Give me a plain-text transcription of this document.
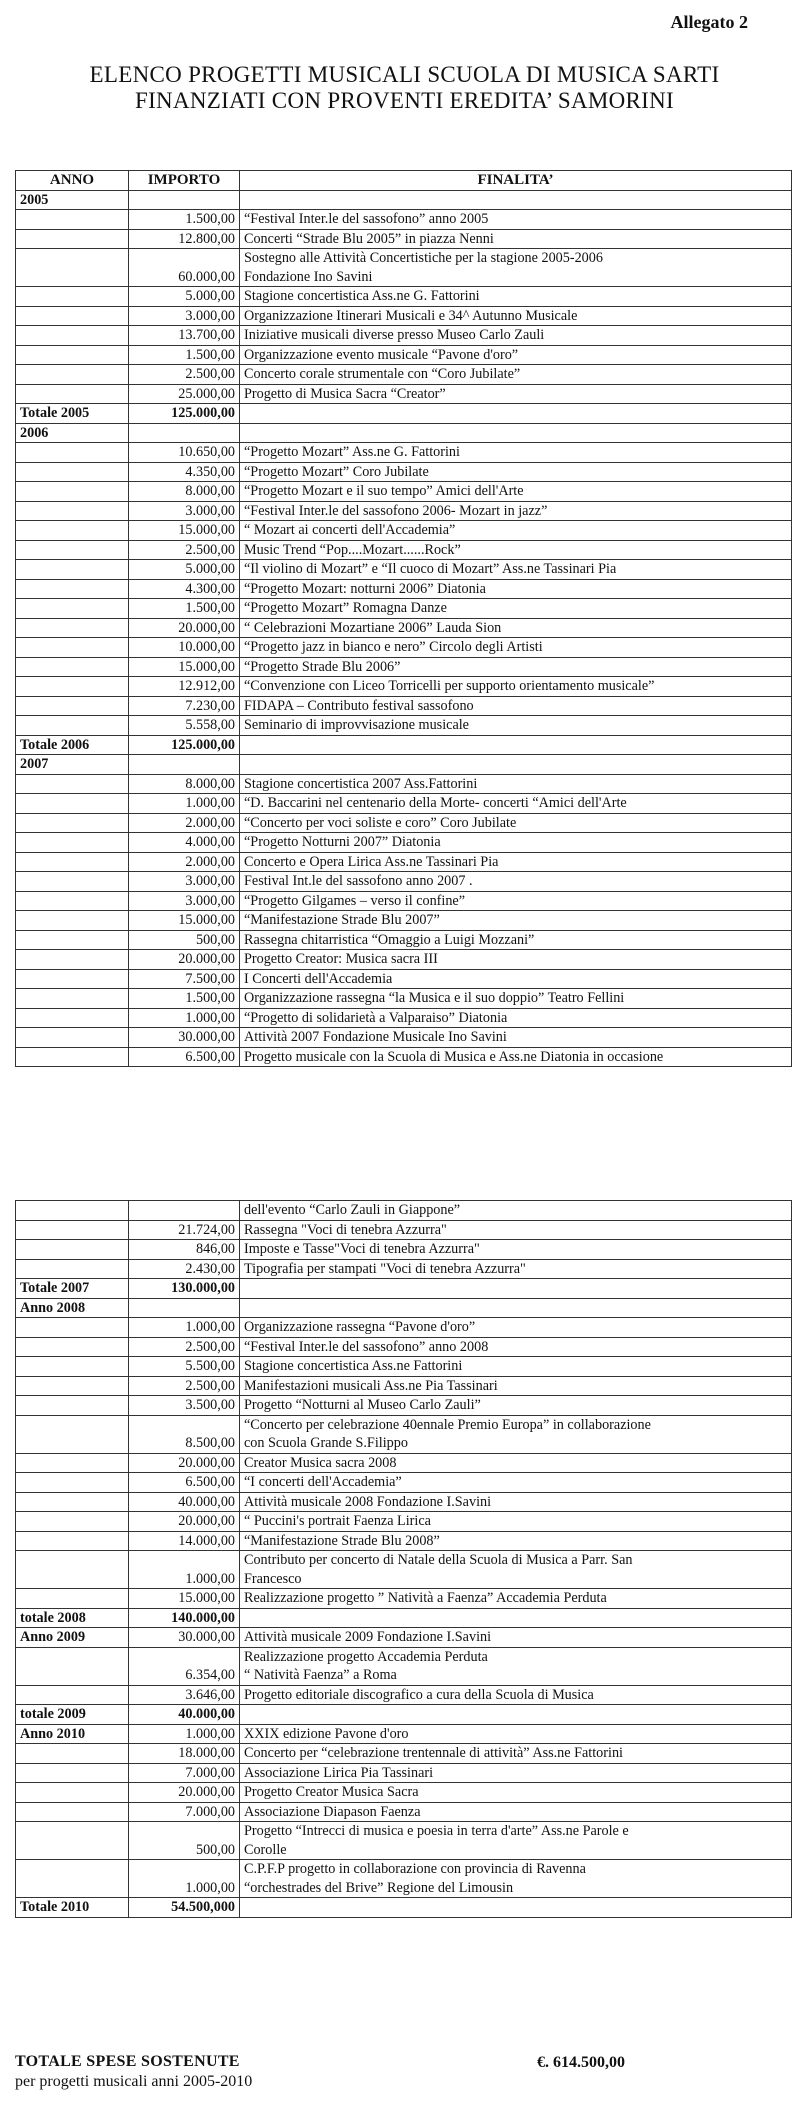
Allegato 2
ELENCO PROGETTI MUSICALI SCUOLA DI MUSICA SARTI
FINANZIATI CON PROVENTI EREDITA’ SAMORINI
ANNO	IMPORTO	FINALITA’
2005		
	1.500,00	“Festival Inter.le del sassofono” anno 2005
	12.800,00	Concerti “Strade Blu 2005” in piazza Nenni
	60.000,00	Sostegno alle Attività Concertistiche per la stagione 2005-2006
Fondazione Ino Savini
	5.000,00	Stagione concertistica Ass.ne G. Fattorini
	3.000,00	Organizzazione Itinerari Musicali e 34^ Autunno Musicale
	13.700,00	Iniziative musicali diverse presso Museo Carlo Zauli
	1.500,00	Organizzazione evento musicale “Pavone d'oro”
	2.500,00	Concerto corale strumentale con “Coro Jubilate”
	25.000,00	Progetto di Musica Sacra “Creator”
Totale 2005	125.000,00	
2006		
	10.650,00	“Progetto Mozart” Ass.ne G. Fattorini
	4.350,00	“Progetto Mozart” Coro Jubilate
	8.000,00	“Progetto Mozart e il suo tempo” Amici dell'Arte
	3.000,00	“Festival Inter.le del sassofono 2006- Mozart in jazz”
	15.000,00	“ Mozart ai concerti dell'Accademia”
	2.500,00	Music Trend “Pop....Mozart......Rock”
	5.000,00	“Il violino di Mozart” e “Il cuoco di Mozart” Ass.ne Tassinari Pia
	4.300,00	“Progetto Mozart: notturni 2006” Diatonia
	1.500,00	“Progetto Mozart” Romagna Danze
	20.000,00	“ Celebrazioni Mozartiane 2006” Lauda Sion
	10.000,00	“Progetto jazz in bianco e nero” Circolo degli Artisti
	15.000,00	“Progetto Strade Blu 2006”
	12.912,00	“Convenzione con Liceo Torricelli per supporto orientamento musicale”
	7.230,00	FIDAPA – Contributo festival sassofono
	5.558,00	Seminario di improvvisazione musicale
Totale 2006	125.000,00	
2007		
	8.000,00	Stagione concertistica 2007 Ass.Fattorini
	1.000,00	“D. Baccarini nel centenario della Morte- concerti “Amici dell'Arte
	2.000,00	“Concerto per voci soliste e coro” Coro Jubilate
	4.000,00	“Progetto Notturni 2007” Diatonia
	2.000,00	Concerto e Opera Lirica Ass.ne Tassinari Pia
	3.000,00	Festival Int.le del sassofono anno 2007 .
	3.000,00	“Progetto Gilgames – verso il confine”
	15.000,00	“Manifestazione Strade Blu 2007”
	500,00	Rassegna chitarristica “Omaggio a Luigi Mozzani”
	20.000,00	Progetto Creator: Musica sacra III
	7.500,00	I Concerti dell'Accademia
	1.500,00	Organizzazione rassegna “la Musica e il suo doppio” Teatro Fellini
	1.000,00	“Progetto di solidarietà a Valparaiso” Diatonia
	30.000,00	Attività 2007 Fondazione Musicale Ino Savini
	6.500,00	Progetto musicale con la Scuola di Musica e Ass.ne Diatonia in occasione
		dell'evento “Carlo Zauli in Giappone”
	21.724,00	Rassegna "Voci di tenebra Azzurra"
	846,00	Imposte e Tasse"Voci di tenebra Azzurra"
	2.430,00	Tipografia per stampati "Voci di tenebra Azzurra"
Totale 2007	130.000,00	
Anno 2008		
	1.000,00	Organizzazione rassegna “Pavone d'oro”
	2.500,00	“Festival Inter.le del sassofono” anno 2008
	5.500,00	Stagione concertistica Ass.ne Fattorini
	2.500,00	Manifestazioni musicali Ass.ne Pia Tassinari
	3.500,00	Progetto “Notturni al Museo Carlo Zauli”
	8.500,00	“Concerto per celebrazione 40ennale Premio Europa” in collaborazione
con Scuola Grande S.Filippo
	20.000,00	Creator Musica sacra 2008
	6.500,00	“I concerti dell'Accademia”
	40.000,00	Attività musicale 2008 Fondazione I.Savini
	20.000,00	“ Puccini's portrait Faenza Lirica
	14.000,00	“Manifestazione Strade Blu 2008”
	1.000,00	Contributo per concerto di Natale della Scuola di Musica a Parr. San
Francesco
	15.000,00	Realizzazione progetto ” Natività a Faenza” Accademia Perduta
totale 2008	140.000,00	
Anno 2009	30.000,00	Attività musicale 2009 Fondazione I.Savini
	6.354,00	Realizzazione progetto Accademia Perduta
“ Natività Faenza” a Roma
	3.646,00	Progetto editoriale discografico a cura della Scuola di Musica
totale 2009	40.000,00	
Anno 2010	1.000,00	XXIX edizione Pavone d'oro
	18.000,00	Concerto per “celebrazione trentennale di attività” Ass.ne Fattorini
	7.000,00	Associazione Lirica Pia Tassinari
	20.000,00	Progetto Creator Musica Sacra
	7.000,00	Associazione Diapason Faenza
	500,00	Progetto “Intrecci di musica e poesia in terra d'arte” Ass.ne Parole e
Corolle
	1.000,00	C.P.F.P progetto in collaborazione con provincia di Ravenna
“orchestrades del Brive” Regione del Limousin
Totale 2010	54.500,000	
TOTALE SPESE SOSTENUTE
per progetti musicali anni 2005-2010
€. 614.500,00
